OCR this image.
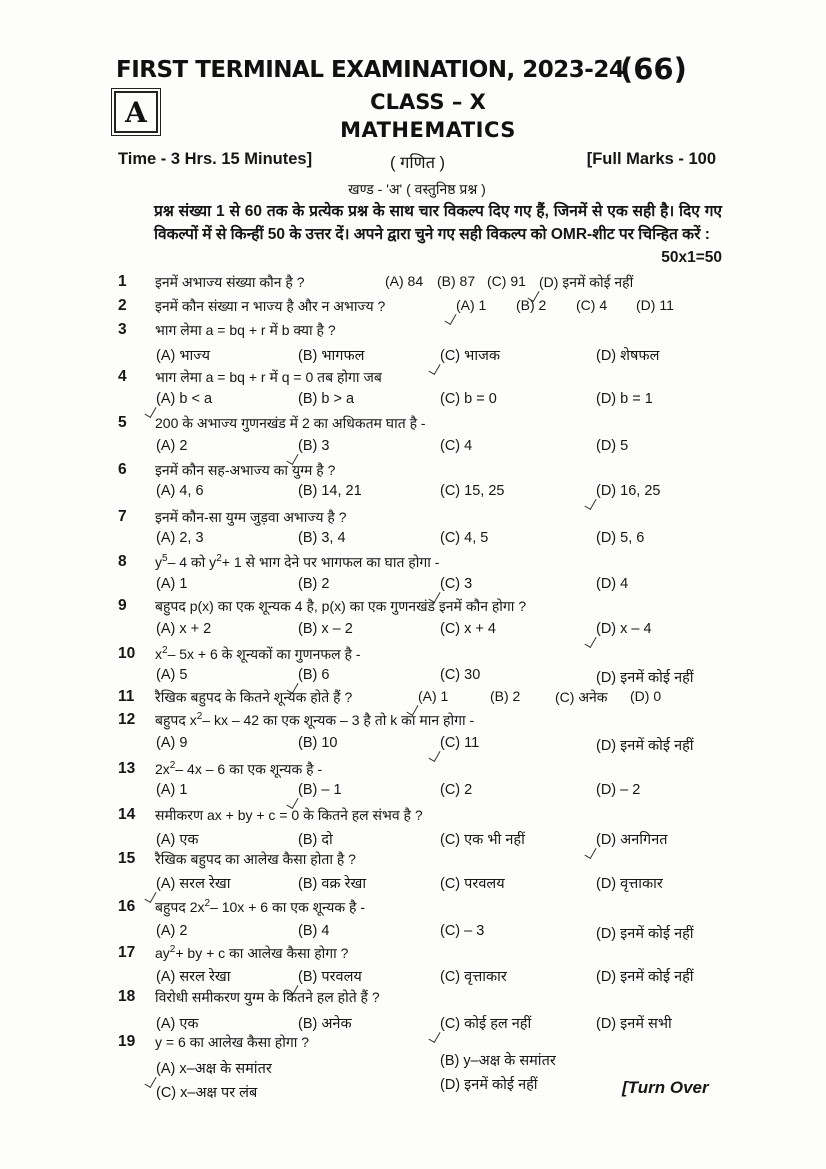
FIRST TERMINAL EXAMINATION, 2023-24
(66)
A	CLASS – X
MATHEMATICS
Time - 3 Hrs. 15 Minutes]	( गणित )	[Full Marks - 100
खण्ड - 'अ' ( वस्तुनिष्ठ प्रश्न )
प्रश्न संख्या 1 से 60 तक के प्रत्येक प्रश्न के साथ चार विकल्प दिए गए हैं, जिनमें से एक सही है। दिए गए विकल्पों में से किन्हीं 50 के उत्तर दें। अपने द्वारा चुने गए सही विकल्प को OMR-शीट पर चिन्हित करें :
50x1=50
1 इनमें अभाज्य संख्या कौन है ?	(A) 84 (B) 87 (C) 91 (D) इनमें कोई नहीं
2 इनमें कौन संख्या न भाज्य है और न अभाज्य ?	(A) 1 (B) 2 (C) 4 (D) 11
3 भाग लेमा a = bq + r में b क्या है ?
(A) भाज्य	(B) भागफल	(C) भाजक	(D) शेषफल
4 भाग लेमा a = bq + r में q = 0 तब होगा जब
(A) b < a	(B) b > a	(C) b = 0	(D) b = 1
5 200 के अभाज्य गुणनखंड में 2 का अधिकतम घात है -
(A) 2	(B) 3	(C) 4	(D) 5
6 इनमें कौन सह-अभाज्य का युग्म है ?
(A) 4, 6	(B) 14, 21	(C) 15, 25	(D) 16, 25
7 इनमें कौन-सा युग्म जुड़वा अभाज्य है ?
(A) 2, 3	(B) 3, 4	(C) 4, 5	(D) 5, 6
8 $y^5-$ 4 को $y^2+ 1$ से भाग देने पर भागफल का घात होगा -
(A) 1	(B) 2	(C) 3	(D) 4
9 बहुपद p(x) का एक शून्यक 4 है, p(x) का एक गुणनखंड इनमें कौन होगा ?
(A) x + 2	(B) x – 2	(C) x + 4	(D) x – 4
10 $x^2-$ 5x + 6 के शून्यकों का गुणनफल है -
(A) 5	(B) 6	(C) 30	(D) इनमें कोई नहीं
11 रैखिक बहुपद के कितने शून्यक होते हैं ?	(A) 1	(B) 2 (C) अनेक (D) 0
12 बहुपद $x^2-$ kx – 42 का एक शून्यक – 3 है तो k का मान होगा -
(A) 9	(B) 10	(C) 11	(D) इनमें कोई नहीं
13 $2x^2-$ 4x – 6 का एक शून्यक है -
(A) 1	(B) – 1	(C) 2	(D) – 2
14 समीकरण ax + by + c = 0 के कितने हल संभव है ?
(A) एक	(B) दो	(C) एक भी नहीं	(D) अनगिनत
15 रैखिक बहुपद का आलेख कैसा होता है ?
(A) सरल रेखा	(B) वक्र रेखा	(C) परवलय	(D) वृत्ताकार
16 बहुपद $2x^2-$ 10x + 6 का एक शून्यक है -
(A) 2	(B) 4	(C) – 3	(D) इनमें कोई नहीं
17 $ay^2+$ by + c का आलेख कैसा होगा ?
(A) सरल रेखा	(B) परवलय	(C) वृत्ताकार	(D) इनमें कोई नहीं
18 विरोधी समीकरण युग्म के कितने हल होते हैं ?
(A) एक	(B) अनेक	(C) कोई हल नहीं	(D) इनमें सभी
19 y = 6 का आलेख कैसा होगा ?
(A) x–अक्ष के समांतर	(B) y–अक्ष के समांतर
(C) x–अक्ष पर लंब	(D) इनमें कोई नहीं	[Turn Over
